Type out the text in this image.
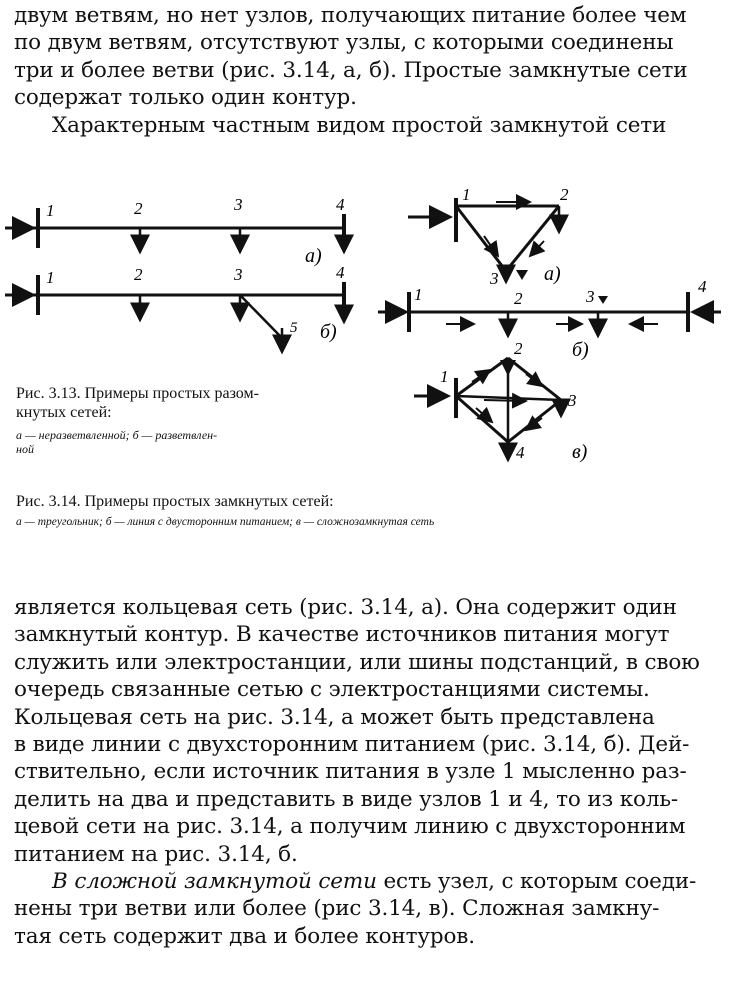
двум ветвям, но нет узлов, получающих питание более чем
по двум ветвям, отсутствуют узлы, с которыми соединены
три и более ветви (рис. 3.14, а, б). Простые замкнутые сети
содержат только один контур.
Характерным частным видом простой замкнутой сети
1	2	3	4
а)
1	2	3	4
5 б)
Рис. 3.13. Примеры простых разом-
кнутых сетей:
а — неразветвленной; б — разветвлен-
ной
1	2
3 а)
1	2	3
4
б)
1
2
3
4 в)
Рис. 3.14. Примеры простых замкнутых сетей:
а — треугольник; б — линия с двусторонним питанием; в — сложнозамкнутая сеть
является кольцевая сеть (рис. 3.14, а). Она содержит один
замкнутый контур. В качестве источников питания могут
служить или электростанции, или шины подстанций, в свою
очередь связанные сетью с электростанциями системы.
Кольцевая сеть на рис. 3.14, а может быть представлена
в виде линии с двухсторонним питанием (рис. 3.14, б). Дей-
ствительно, если источник питания в узле 1 мысленно раз-
делить на два и представить в виде узлов 1 и 4, то из коль-
цевой сети на рис. 3.14, а получим линию с двухсторонним
питанием на рис. 3.14, б.
В сложной замкнутой сети есть узел, с которым соеди-
нены три ветви или более (рис 3.14, в). Сложная замкну-
тая сеть содержит два и более контуров.
